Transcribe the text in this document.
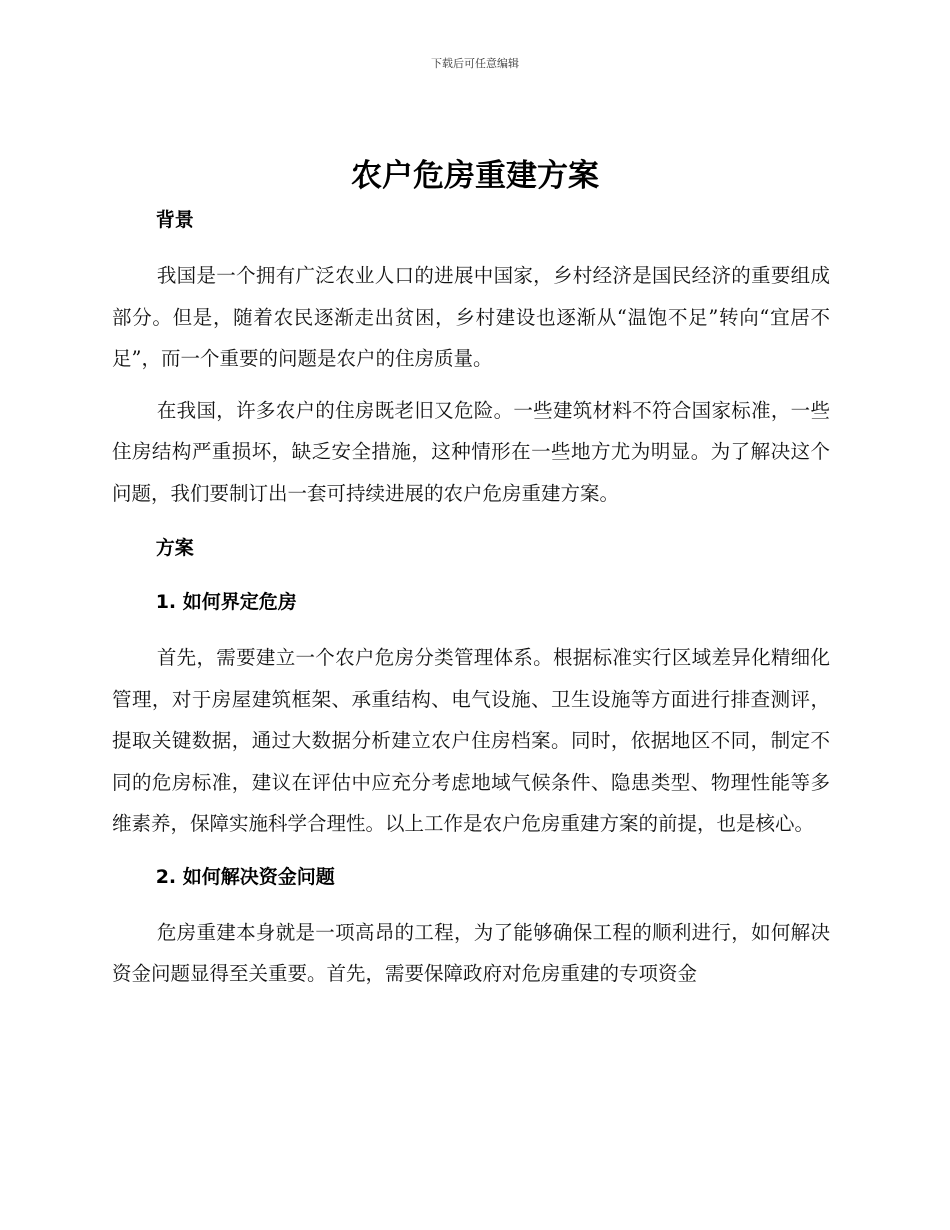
下载后可任意编辑
农户危房重建方案

背景

我国是一个拥有广泛农业人口的进展中国家，乡村经济是国民经济的重要组成部分。但是，随着农民逐渐走出贫困，乡村建设也逐渐从“温饱不足”转向“宜居不足”，而一个重要的问题是农户的住房质量。

在我国，许多农户的住房既老旧又危险。一些建筑材料不符合国家标准，一些住房结构严重损坏，缺乏安全措施，这种情形在一些地方尤为明显。为了解决这个问题，我们要制订出一套可持续进展的农户危房重建方案。

方案

1. 如何界定危房

首先，需要建立一个农户危房分类管理体系。根据标准实行区域差异化精细化管理，对于房屋建筑框架、承重结构、电气设施、卫生设施等方面进行排查测评，提取关键数据，通过大数据分析建立农户住房档案。同时，依据地区不同，制定不同的危房标准，建议在评估中应充分考虑地域气候条件、隐患类型、物理性能等多维素养，保障实施科学合理性。以上工作是农户危房重建方案的前提，也是核心。

2. 如何解决资金问题

危房重建本身就是一项高昂的工程，为了能够确保工程的顺利进行，如何解决资金问题显得至关重要。首先，需要保障政府对危房重建的专项资金
